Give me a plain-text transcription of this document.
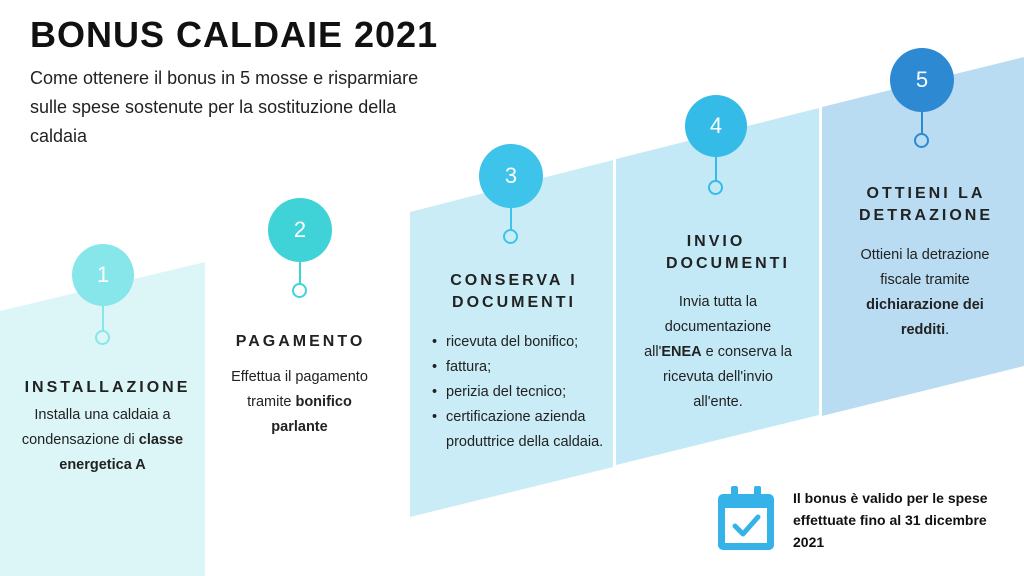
BONUS CALDAIE 2021

Come ottenere il bonus in 5 mosse e risparmiare sulle spese sostenute per la sostituzione della caldaia

1
INSTALLAZIONE

Installa una caldaia a condensazione di classe energetica A

2
PAGAMENTO

Effettua il pagamento tramite bonifico parlante

3
CONSERVA I DOCUMENTI
• ricevuta del bonifico;
• fattura;
• perizia del tecnico;
• certificazione azienda produttrice della caldaia.
4
INVIO DOCUMENTI

Invia tutta la documentazione all'ENEA e conserva la ricevuta dell'invio all'ente.

5
OTTIENI LA DETRAZIONE

Ottieni la detrazione fiscale tramite dichiarazione dei redditi.

Il bonus è valido per le spese effettuate fino al 31 dicembre 2021
